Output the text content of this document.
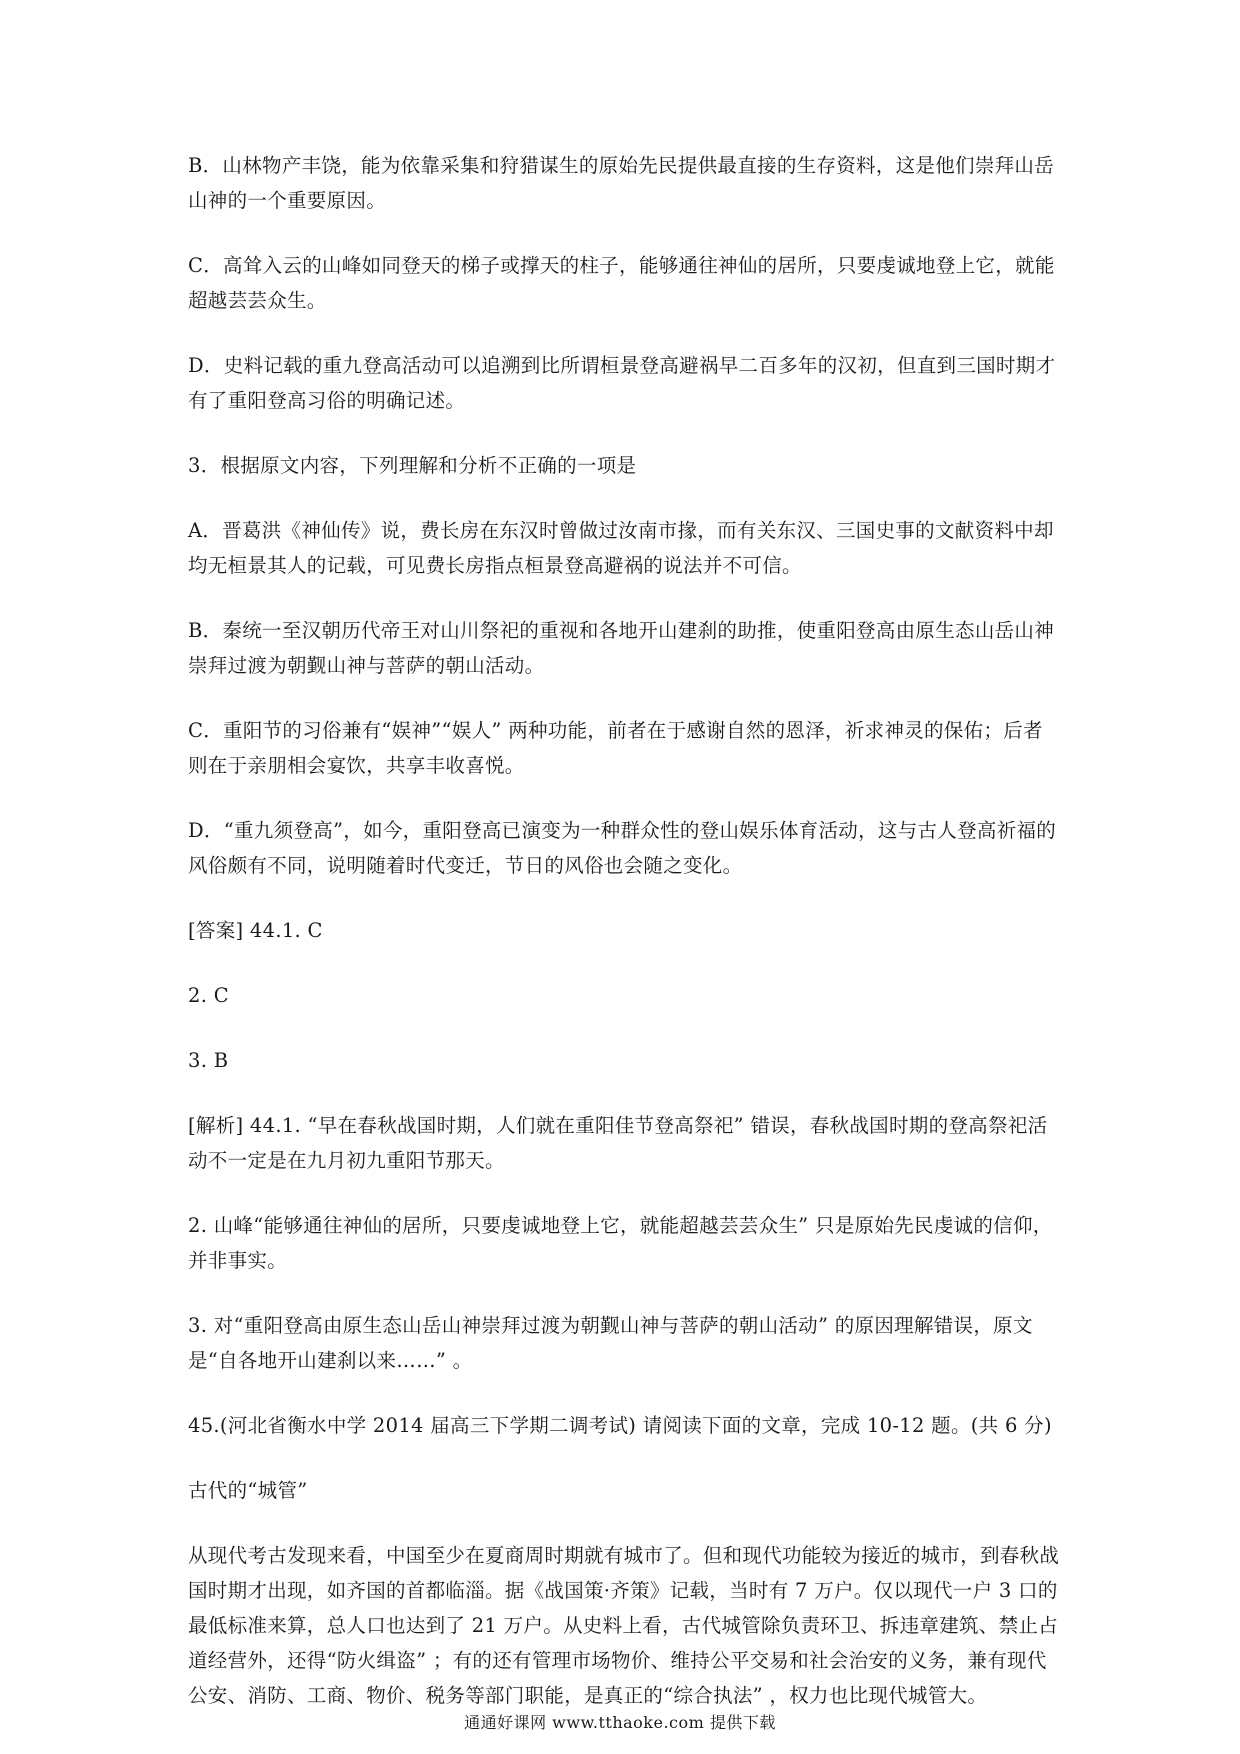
B．山林物产丰饶，能为依靠采集和狩猎谋生的原始先民提供最直接的生存资料，这是他们崇拜山岳山神的一个重要原因。

C．高耸入云的山峰如同登天的梯子或撑天的柱子，能够通往神仙的居所，只要虔诚地登上它，就能超越芸芸众生。

D．史料记载的重九登高活动可以追溯到比所谓桓景登高避祸早二百多年的汉初，但直到三国时期才有了重阳登高习俗的明确记述。

3．根据原文内容，下列理解和分析不正确的一项是

A．晋葛洪《神仙传》说，费长房在东汉时曾做过汝南市掾，而有关东汉、三国史事的文献资料中却均无桓景其人的记载，可见费长房指点桓景登高避祸的说法并不可信。

B．秦统一至汉朝历代帝王对山川祭祀的重视和各地开山建刹的助推，使重阳登高由原生态山岳山神崇拜过渡为朝觐山神与菩萨的朝山活动。

C．重阳节的习俗兼有“娱神”“娱人” 两种功能，前者在于感谢自然的恩泽，祈求神灵的保佑；后者则在于亲朋相会宴饮，共享丰收喜悦。

D．“重九须登高”，如今，重阳登高已演变为一种群众性的登山娱乐体育活动，这与古人登高祈福的风俗颇有不同，说明随着时代变迁，节日的风俗也会随之变化。

[答案] 44.1. C

2. C

3. B

[解析] 44.1. “早在春秋战国时期，人们就在重阳佳节登高祭祀” 错误，春秋战国时期的登高祭祀活动不一定是在九月初九重阳节那天。

2. 山峰“能够通往神仙的居所，只要虔诚地登上它，就能超越芸芸众生” 只是原始先民虔诚的信仰，并非事实。

3. 对“重阳登高由原生态山岳山神崇拜过渡为朝觐山神与菩萨的朝山活动” 的原因理解错误，原文是“自各地开山建刹以来……” 。

45.(河北省衡水中学 2014 届高三下学期二调考试) 请阅读下面的文章，完成 10-12 题。(共 6 分)

古代的“城管”

从现代考古发现来看，中国至少在夏商周时期就有城市了。但和现代功能较为接近的城市，到春秋战国时期才出现，如齐国的首都临淄。据《战国策·齐策》记载，当时有 7 万户。仅以现代一户 3 口的最低标准来算，总人口也达到了 21 万户。从史料上看，古代城管除负责环卫、拆违章建筑、禁止占道经营外，还得“防火缉盗” ；有的还有管理市场物价、维持公平交易和社会治安的义务，兼有现代公安、消防、工商、物价、税务等部门职能，是真正的“综合执法” ，权力也比现代城管大。

通通好课网 www.tthaoke.com 提供下载
